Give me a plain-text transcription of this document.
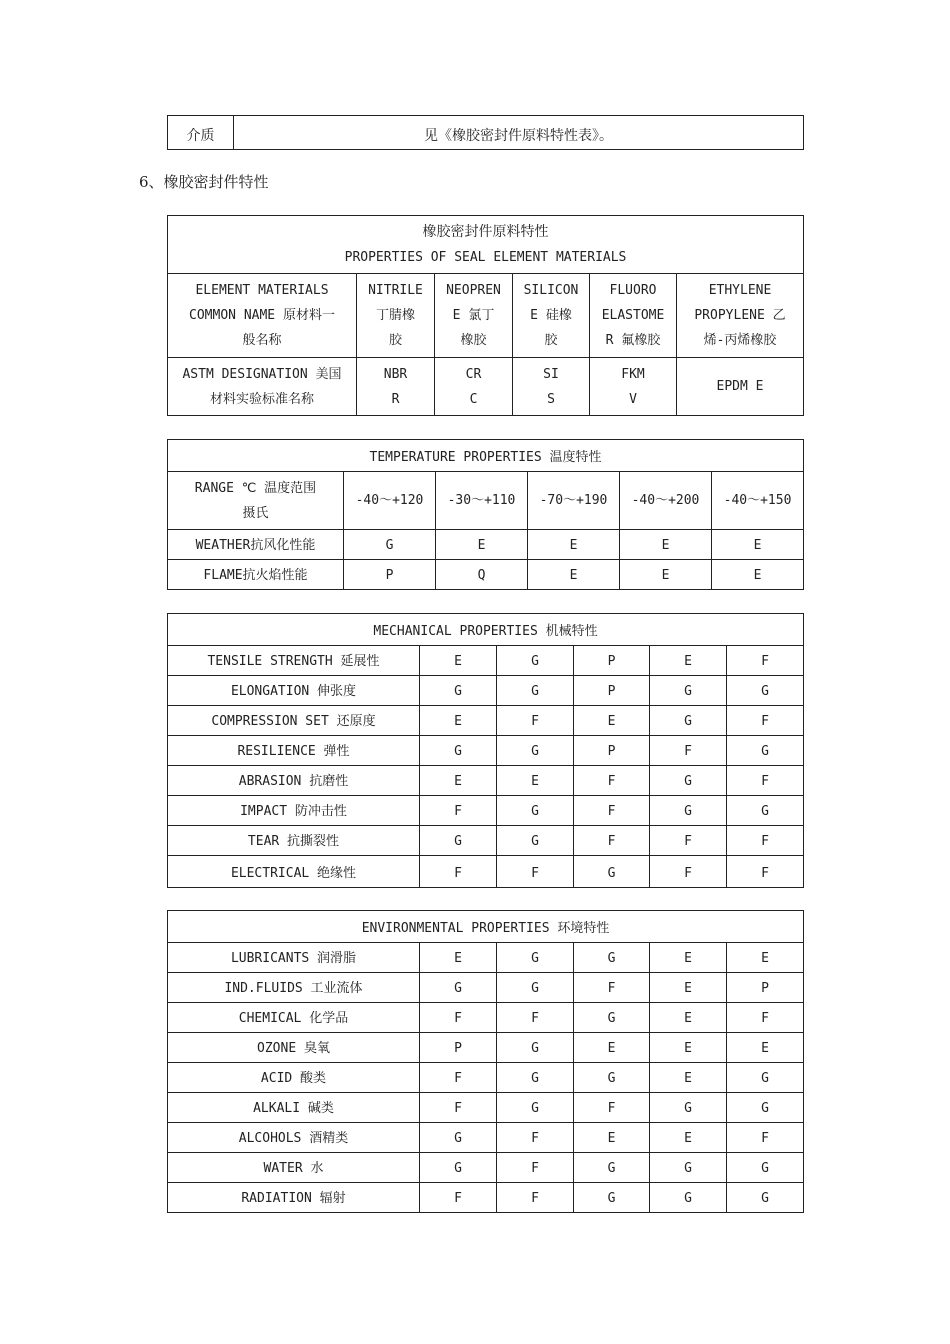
介质	见《橡胶密封件原料特性表》。
6、橡胶密封件特性
橡胶密封件原料特性
PROPERTIES OF SEAL ELEMENT MATERIALS					

ELEMENT MATERIALS
COMMON NAME 原材料一
般名称	NITRILE
丁腈橡
胶	NEOPREN
E 氯丁
橡胶	SILICON
E 硅橡
胶	FLUORO
ELASTOME
R 氟橡胶	ETHYLENE
PROPYLENE 乙
烯-丙烯橡胶

ASTM DESIGNATION 美国
材料实验标准名称	NBR
R	CR
C	SI
S	FKM
V	EPDM E
TEMPERATURE PROPERTIES 温度特性					

RANGE ℃ 温度范围
摄氏	-40～+120	-30～+110	-70～+190	-40～+200	-40～+150
WEATHER抗风化性能	G	E	E	E	E
FLAME抗火焰性能	P	Q	E	E	E
MECHANICAL PROPERTIES 机械特性					
TENSILE STRENGTH 延展性	E	G	P	E	F
ELONGATION 伸张度	G	G	P	G	G
COMPRESSION SET 还原度	E	F	E	G	F
RESILIENCE 弹性	G	G	P	F	G
ABRASION 抗磨性	E	E	F	G	F
IMPACT 防冲击性	F	G	F	G	G
TEAR 抗撕裂性	G	G	F	F	F
ELECTRICAL 绝缘性	F	F	G	F	F
ENVIRONMENTAL PROPERTIES 环境特性					
LUBRICANTS 润滑脂	E	G	G	E	E
IND.FLUIDS 工业流体	G	G	F	E	P
CHEMICAL 化学品	F	F	G	E	F
OZONE 臭氧	P	G	E	E	E
ACID 酸类	F	G	G	E	G
ALKALI 碱类	F	G	F	G	G
ALCOHOLS 酒精类	G	F	E	E	F
WATER 水	G	F	G	G	G
RADIATION 辐射	F	F	G	G	G
